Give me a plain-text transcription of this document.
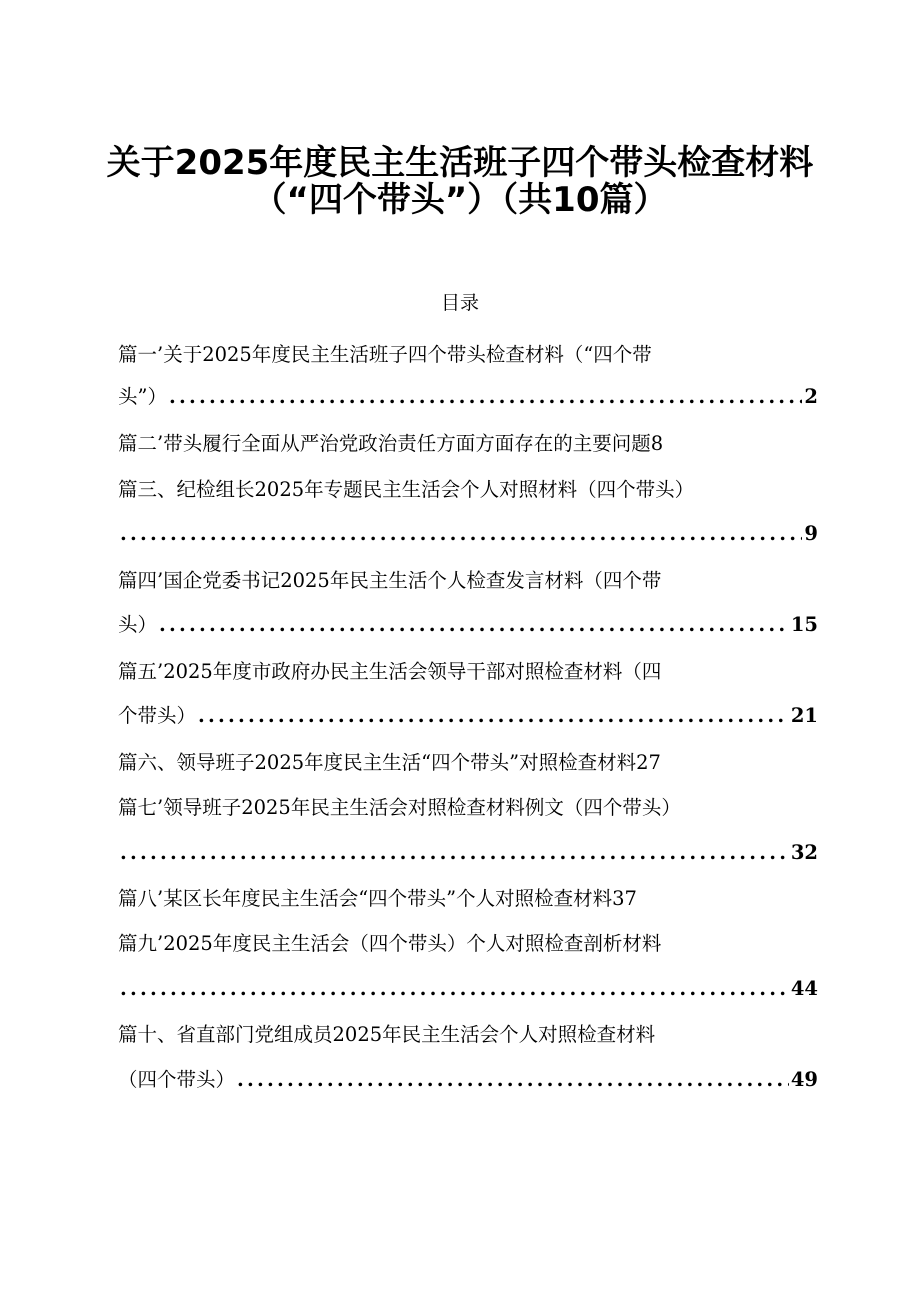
关于2025年度民主生活班子四个带头检查材料
（“四个带头”）（共10篇）
目录
篇一’关于2025年度民主生活班子四个带头检查材料（“四个带
头”） .....	2
篇二’带头履行全面从严治党政治责任方面方面存在的主要问题8
篇三、纪检组长2025年专题民主生活会个人对照材料（四个带头）
.....
9
篇四’国企党委书记2025年民主生活个人检查发言材料（四个带
头） .....	15
篇五’2025年度市政府办民主生活会领导干部对照检查材料（四
个带头） .....	21
篇六、领导班子2025年度民主生活“四个带头”对照检查材料27
篇七’领导班子2025年民主生活会对照检查材料例文（四个带头）
.....
32
篇八’某区长年度民主生活会“四个带头”个人对照检查材料37
篇九’2025年度民主生活会（四个带头）个人对照检查剖析材料
.....
44
篇十、省直部门党组成员2025年民主生活会个人对照检查材料
（四个带头） .....	49
